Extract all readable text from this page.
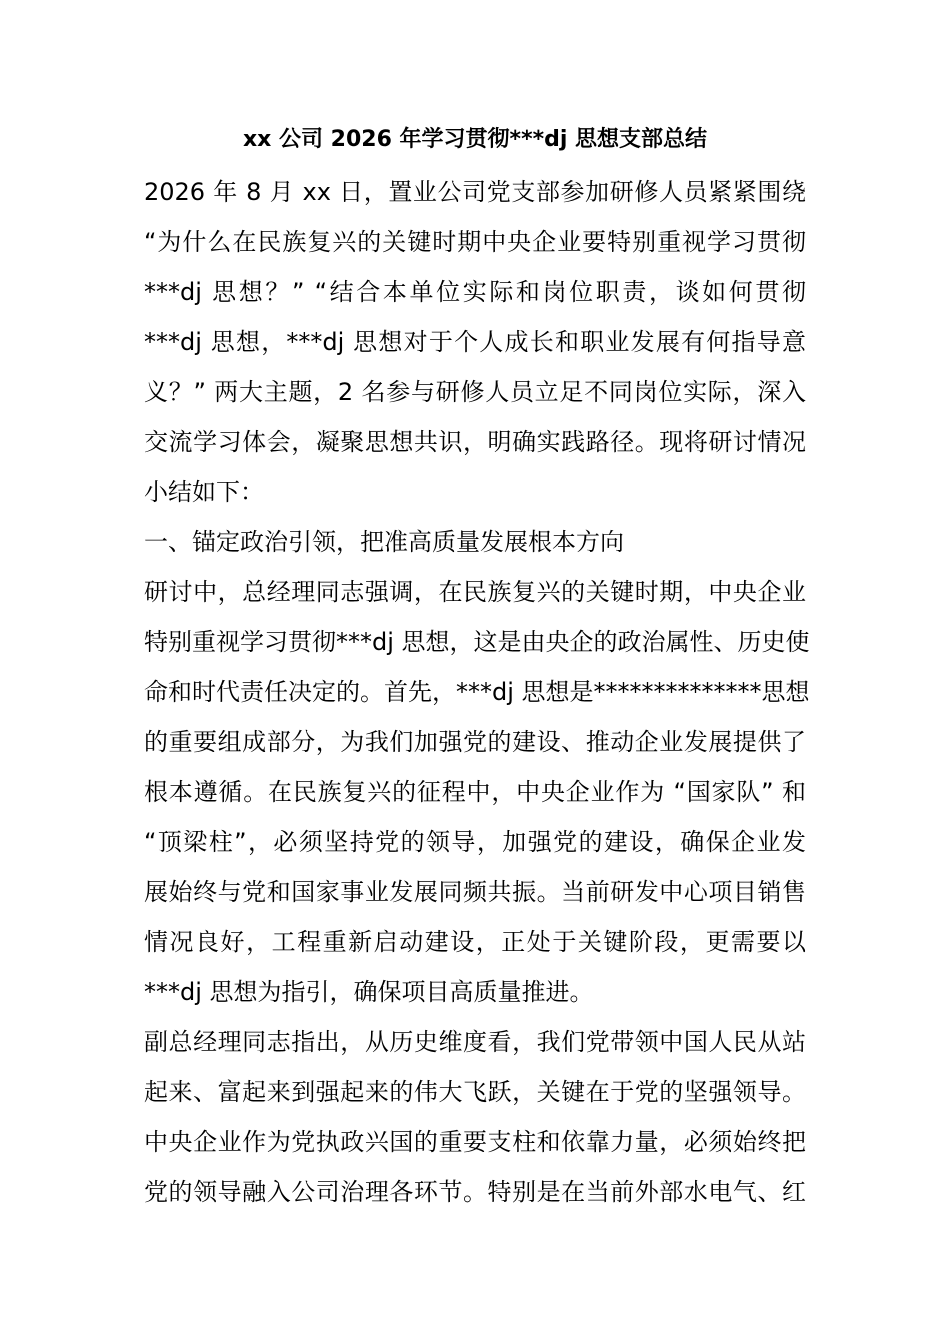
xx 公司 2026 年学习贯彻***dj 思想支部总结
2026 年 8 月 xx 日，置业公司党支部参加研修人员紧紧围绕
“为什么在民族复兴的关键时期中央企业要特别重视学习贯彻
***dj 思想？” “结合本单位实际和岗位职责，谈如何贯彻
***dj 思想，***dj 思想对于个人成长和职业发展有何指导意
义？” 两大主题，2 名参与研修人员立足不同岗位实际，深入
交流学习体会，凝聚思想共识，明确实践路径。现将研讨情况
小结如下：
一、锚定政治引领，把准高质量发展根本方向
研讨中，总经理同志强调，在民族复兴的关键时期，中央企业
特别重视学习贯彻***dj 思想，这是由央企的政治属性、历史使
命和时代责任决定的。首先，***dj 思想是**************思想
的重要组成部分，为我们加强党的建设、推动企业发展提供了
根本遵循。在民族复兴的征程中，中央企业作为 “国家队” 和
“顶梁柱”，必须坚持党的领导，加强党的建设，确保企业发
展始终与党和国家事业发展同频共振。当前研发中心项目销售
情况良好，工程重新启动建设，正处于关键阶段，更需要以
***dj 思想为指引，确保项目高质量推进。
副总经理同志指出，从历史维度看，我们党带领中国人民从站
起来、富起来到强起来的伟大飞跃，关键在于党的坚强领导。
中央企业作为党执政兴国的重要支柱和依靠力量，必须始终把
党的领导融入公司治理各环节。特别是在当前外部水电气、红
